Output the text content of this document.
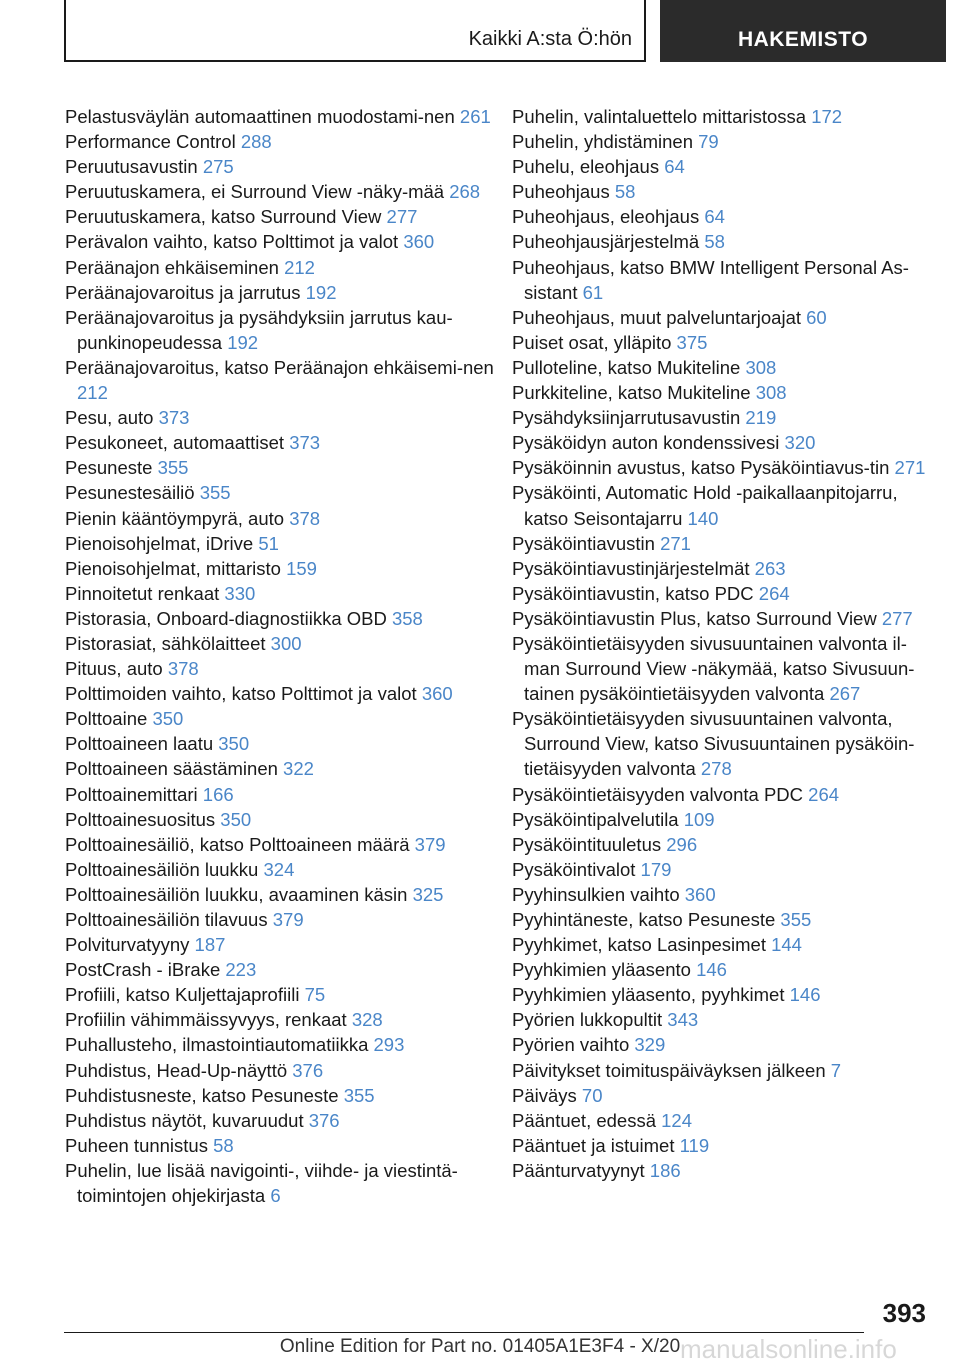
Kaikki A:sta Ö:hön	HAKEMISTO
Pelastusväylän automaattinen muodostami-nen 261
Performance Control 288
Peruutusavustin 275
Peruutuskamera, ei Surround View -näky-mää 268
Peruutuskamera, katso Surround View 277
Perävalon vaihto, katso Polttimot ja valot 360
Peräänajon ehkäiseminen 212
Peräänajovaroitus ja jarrutus 192
Peräänajovaroitus ja pysähdyksiin jarrutus kau-punkinopeudessa 192
Peräänajovaroitus, katso Peräänajon ehkäisemi-nen 212
Pesu, auto 373
Pesukoneet, automaattiset 373
Pesuneste 355
Pesunestesäiliö 355
Pienin kääntöympyrä, auto 378
Pienoisohjelmat, iDrive 51
Pienoisohjelmat, mittaristo 159
Pinnoitetut renkaat 330
Pistorasia, Onboard-diagnostiikka OBD 358
Pistorasiat, sähkölaitteet 300
Pituus, auto 378
Polttimoiden vaihto, katso Polttimot ja valot 360
Polttoaine 350
Polttoaineen laatu 350
Polttoaineen säästäminen 322
Polttoainemittari 166
Polttoainesuositus 350
Polttoainesäiliö, katso Polttoaineen määrä 379
Polttoainesäiliön luukku 324
Polttoainesäiliön luukku, avaaminen käsin 325
Polttoainesäiliön tilavuus 379
Polviturvatyyny 187
PostCrash - iBrake 223
Profiili, katso Kuljettajaprofiili 75
Profiilin vähimmäissyvyys, renkaat 328
Puhallusteho, ilmastointiautomatiikka 293
Puhdistus, Head-Up-näyttö 376
Puhdistusneste, katso Pesuneste 355
Puhdistus näytöt, kuvaruudut 376
Puheen tunnistus 58
Puhelin, lue lisää navigointi-, viihde- ja viestintä-toimintojen ohjekirjasta 6
Puhelin, valintaluettelo mittaristossa 172
Puhelin, yhdistäminen 79
Puhelu, eleohjaus 64
Puheohjaus 58
Puheohjaus, eleohjaus 64
Puheohjausjärjestelmä 58
Puheohjaus, katso BMW Intelligent Personal As-sistant 61
Puheohjaus, muut palveluntarjoajat 60
Puiset osat, ylläpito 375
Pulloteline, katso Mukiteline 308
Purkkiteline, katso Mukiteline 308
Pysähdyksiinjarrutusavustin 219
Pysäköidyn auton kondenssivesi 320
Pysäköinnin avustus, katso Pysäköintiavus-tin 271
Pysäköinti, Automatic Hold -paikallaanpitojarru, katso Seisontajarru 140
Pysäköintiavustin 271
Pysäköintiavustinjärjestelmät 263
Pysäköintiavustin, katso PDC 264
Pysäköintiavustin Plus, katso Surround View 277
Pysäköintietäisyyden sivusuuntainen valvonta il-man Surround View -näkymää, katso Sivusuun-tainen pysäköintietäisyyden valvonta 267
Pysäköintietäisyyden sivusuuntainen valvonta, Surround View, katso Sivusuuntainen pysäköin-tietäisyyden valvonta 278
Pysäköintietäisyyden valvonta PDC 264
Pysäköintipalvelutila 109
Pysäköintituuletus 296
Pysäköintivalot 179
Pyyhinsulkien vaihto 360
Pyyhintäneste, katso Pesuneste 355
Pyyhkimet, katso Lasinpesimet 144
Pyyhkimien yläasento 146
Pyyhkimien yläasento, pyyhkimet 146
Pyörien lukkopultit 343
Pyörien vaihto 329
Päivitykset toimituspäiväyksen jälkeen 7
Päiväys 70
Pääntuet, edessä 124
Pääntuet ja istuimet 119
Päänturvatyynyt 186
393
Online Edition for Part no. 01405A1E3F4 - X/20 manualsonline.info
